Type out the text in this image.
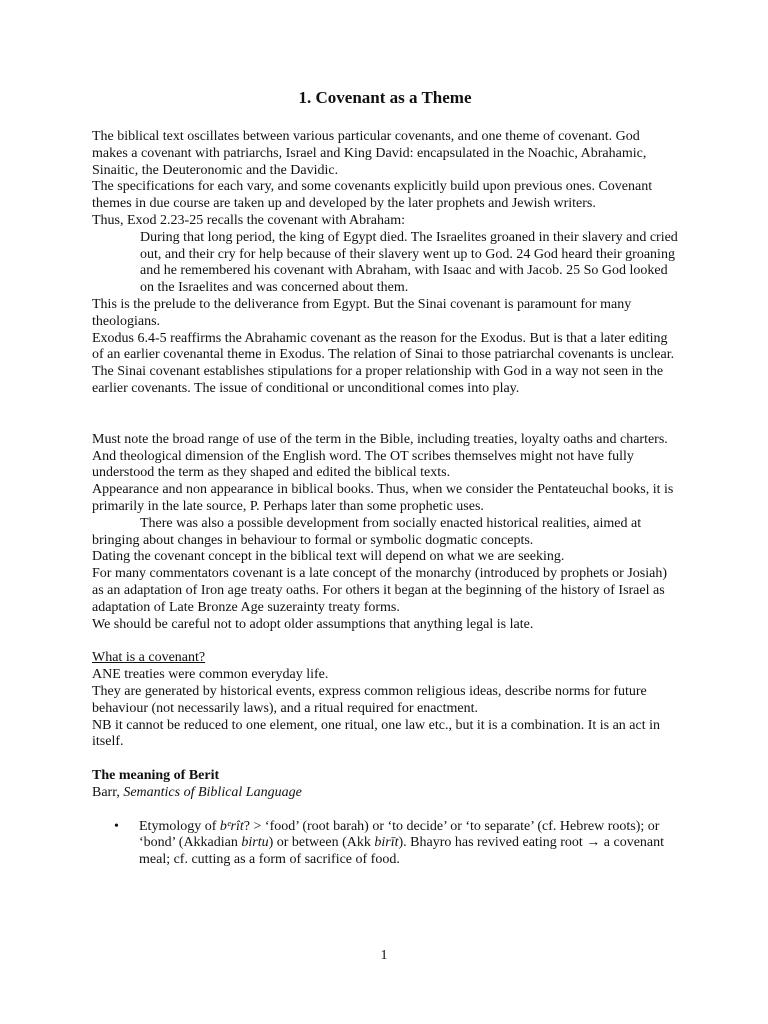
1. Covenant as a Theme

The biblical text oscillates between various particular covenants, and one theme of covenant. God makes a covenant with patriarchs, Israel and King David: encapsulated in the Noachic, Abrahamic, Sinaitic, the Deuteronomic and the Davidic.

The specifications for each vary, and some covenants explicitly build upon previous ones. Covenant themes in due course are taken up and developed by the later prophets and Jewish writers.

Thus, Exod 2.23-25 recalls the covenant with Abraham:

During that long period, the king of Egypt died. The Israelites groaned in their slavery and cried out, and their cry for help because of their slavery went up to God. 24 God heard their groaning and he remembered his covenant with Abraham, with Isaac and with Jacob. 25 So God looked on the Israelites and was concerned about them.

This is the prelude to the deliverance from Egypt. But the Sinai covenant is paramount for many theologians.

Exodus 6.4-5 reaffirms the Abrahamic covenant as the reason for the Exodus. But is that a later editing of an earlier covenantal theme in Exodus. The relation of Sinai to those patriarchal covenants is unclear. The Sinai covenant establishes stipulations for a proper relationship with God in a way not seen in the earlier covenants. The issue of conditional or unconditional comes into play.

Must note the broad range of use of the term in the Bible, including treaties, loyalty oaths and charters. And theological dimension of the English word. The OT scribes themselves might not have fully understood the term as they shaped and edited the biblical texts.

Appearance and non appearance in biblical books. Thus, when we consider the Pentateuchal books, it is primarily in the late source, P. Perhaps later than some prophetic uses.

There was also a possible development from socially enacted historical realities, aimed at bringing about changes in behaviour to formal or symbolic dogmatic concepts.

Dating the covenant concept in the biblical text will depend on what we are seeking.

For many commentators covenant is a late concept of the monarchy (introduced by prophets or Josiah) as an adaptation of Iron age treaty oaths. For others it began at the beginning of the history of Israel as adaptation of Late Bronze Age suzerainty treaty forms.

We should be careful not to adopt older assumptions that anything legal is late.

What is a covenant?

ANE treaties were common everyday life.

They are generated by historical events, express common religious ideas, describe norms for future behaviour (not necessarily laws), and a ritual required for enactment.

NB it cannot be reduced to one element, one ritual, one law etc., but it is a combination. It is an act in itself.

The meaning of Berit

Barr, Semantics of Biblical Language

• Etymology of bᵉrît? > ‘food’ (root barah) or ‘to decide’ or ‘to separate’ (cf. Hebrew roots); or ‘bond’ (Akkadian birtu) or between (Akk birīt). Bhayro has revived eating root → a covenant meal; cf. cutting as a form of sacrifice of food.
1
